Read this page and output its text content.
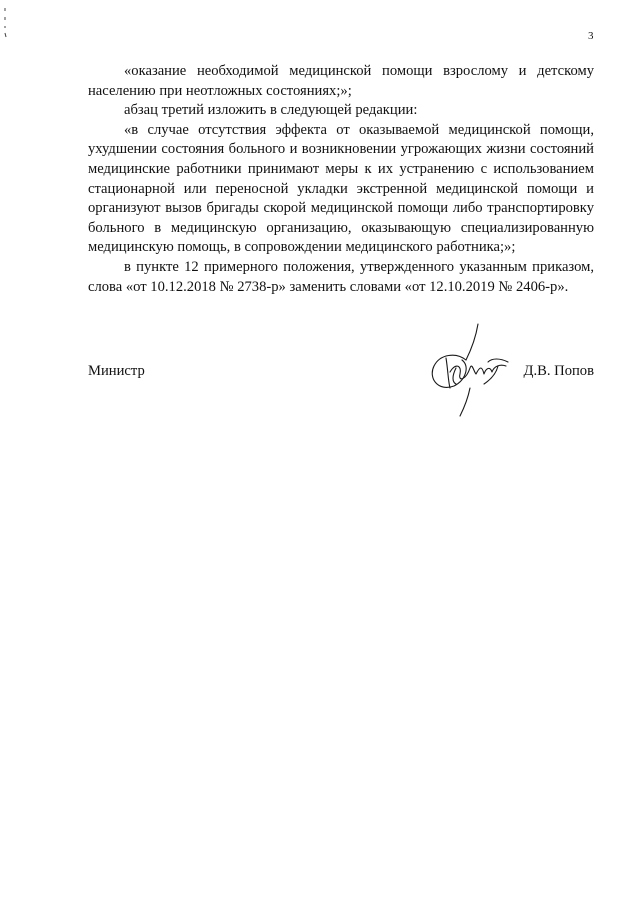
3

«оказание необходимой медицинской помощи взрослому и детскому населению при неотложных состояниях;»;

абзац третий изложить в следующей редакции:

«в случае отсутствия эффекта от оказываемой медицинской помощи, ухудшении состояния больного и возникновении угрожающих жизни состояний медицинские работники принимают меры к их устранению с использованием стационарной или переносной укладки экстренной медицинской помощи и организуют вызов бригады скорой медицинской помощи либо транспортировку больного в медицинскую организацию, оказывающую специализированную медицинскую помощь, в сопровождении медицинского работника;»;

в пункте 12 примерного положения, утвержденного указанным приказом, слова «от 10.12.2018 № 2738-р» заменить словами «от 12.10.2019 № 2406-р».

Министр	Д.В. Попов
